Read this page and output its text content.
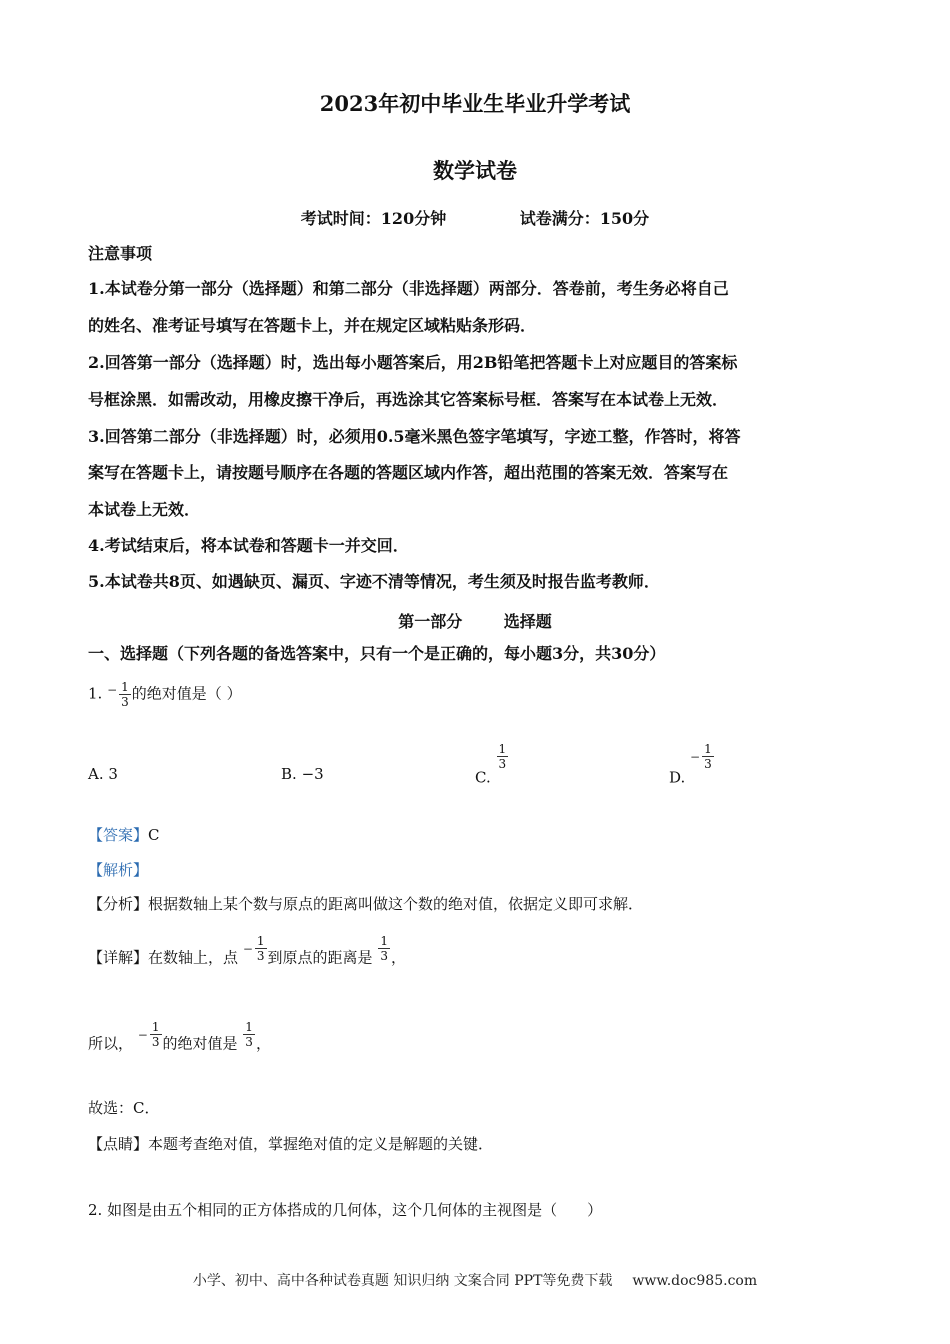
2023年初中毕业生毕业升学考试
数学试卷
考试时间：120分钟	试卷满分：150分
注意事项
1.本试卷分第一部分（选择题）和第二部分（非选择题）两部分．答卷前，考生务必将自己
的姓名、准考证号填写在答题卡上，并在规定区域粘贴条形码．
2.回答第一部分（选择题）时，选出每小题答案后，用2B铅笔把答题卡上对应题目的答案标
号框涂黑．如需改动，用橡皮擦干净后，再选涂其它答案标号框．答案写在本试卷上无效．
3.回答第二部分（非选择题）时，必须用0.5毫米黑色签字笔填写，字迹工整，作答时，将答
案写在答题卡上，请按题号顺序在各题的答题区域内作答，超出范围的答案无效．答案写在
本试卷上无效．
4.考试结束后，将本试卷和答题卡一并交回．
5.本试卷共8页、如遇缺页、漏页、字迹不清等情况，考生须及时报告监考教师．
第一部分	选择题
一、选择题（下列各题的备选答案中，只有一个是正确的，每小题3分，共30分）
1. − $\frac{1}{3}$ 的绝对值是（ ）
A. 3	B. −3	C.
$\frac{1}{3}$
D. − $\frac{1}{3}$
【答案】C
【解析】
【分析】根据数轴上某个数与原点的距离叫做这个数的绝对值，依据定义即可求解．
【详解】在数轴上，点 − $\frac{1}{3}$ 到原点的距离是 $\frac{1}{3}$ ，
所以， − $\frac{1}{3}$ 的绝对值是 $\frac{1}{3}$ ，
故选：C．
【点睛】本题考查绝对值，掌握绝对值的定义是解题的关键．
2. 如图是由五个相同的正方体搭成的几何体，这个几何体的主视图是（　　）
小学、初中、高中各种试卷真题 知识归纳 文案合同 PPT等免费下载 www.doc985.com
